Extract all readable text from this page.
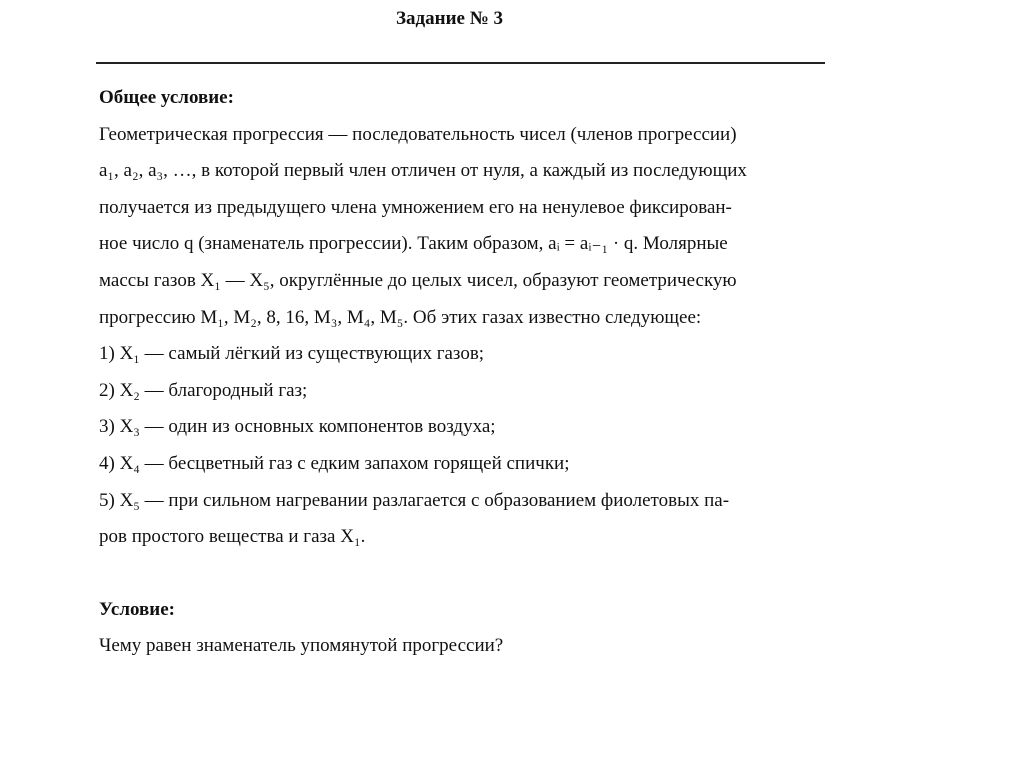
Задание № 3
Общее условие:
Геометрическая прогрессия — последовательность чисел (членов прогрессии)
a₁, a₂, a₃, …, в которой первый член отличен от нуля, а каждый из последующих
получается из предыдущего члена умножением его на ненулевое фиксирован-
ное число q (знаменатель прогрессии). Таким образом, aᵢ = aᵢ₋₁ · q. Молярные
массы газов X₁ — X₅, округлённые до целых чисел, образуют геометрическую
прогрессию M₁, M₂, 8, 16, M₃, M₄, M₅. Об этих газах известно следующее:
1) X₁ — самый лёгкий из существующих газов;
2) X₂ — благородный газ;
3) X₃ — один из основных компонентов воздуха;
4) X₄ — бесцветный газ с едким запахом горящей спички;
5) X₅ — при сильном нагревании разлагается с образованием фиолетовых па-
ров простого вещества и газа X₁.
Условие:
Чему равен знаменатель упомянутой прогрессии?
